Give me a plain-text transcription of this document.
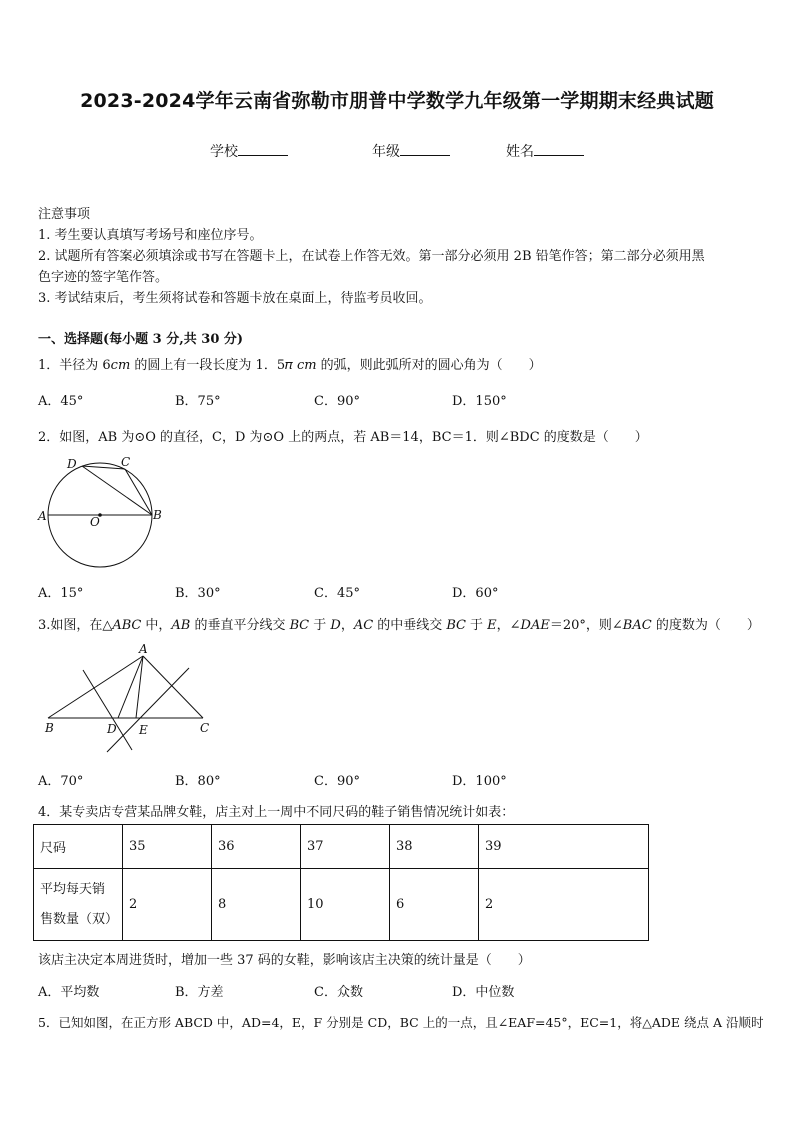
2023-2024学年云南省弥勒市朋普中学数学九年级第一学期期末经典试题
学校	年级	姓名
注意事项
1. 考生要认真填写考场号和座位序号。
2. 试题所有答案必须填涂或书写在答题卡上，在试卷上作答无效。第一部分必须用 2B 铅笔作答；第二部分必须用黑
色字迹的签字笔作答。
3. 考试结束后，考生须将试卷和答题卡放在桌面上，待监考员收回。
一、选择题(每小题 3 分,共 30 分)
1．半径为 6𝑐𝑚 的圆上有一段长度为 1．5𝜋 𝑐𝑚 的弧，则此弧所对的圆心角为（　　）
A．45°	B．75°	C．90°	D．150°
2．如图，AB 为⊙O 的直径，C，D 为⊙O 上的两点，若 AB＝14，BC＝1．则∠BDC 的度数是（　　）
A	B
C
D
O
A．15°	B．30°	C．45°	D．60°
3.如图，在△𝐴𝐵𝐶 中，𝐴𝐵 的垂直平分线交 𝐵𝐶 于 𝐷，𝐴𝐶 的中垂线交 𝐵𝐶 于 𝐸，∠𝐷𝐴𝐸＝20°，则∠𝐵𝐴𝐶 的度数为（　　）
A
B	C
D E
A．70°	B．80°	C．90°	D．100°
4．某专卖店专营某品牌女鞋，店主对上一周中不同尺码的鞋子销售情况统计如表：
尺码	35	36	37	38	39

平均每天销
售数量（双）	2	8	10	6	2
该店主决定本周进货时，增加一些 37 码的女鞋，影响该店主决策的统计量是（　　）
A．平均数	B．方差	C．众数	D．中位数
5．已知如图，在正方形 ABCD 中，AD=4，E，F 分别是 CD，BC 上的一点，且∠EAF=45°，EC=1，将△ADE 绕点 A 沿顺时
